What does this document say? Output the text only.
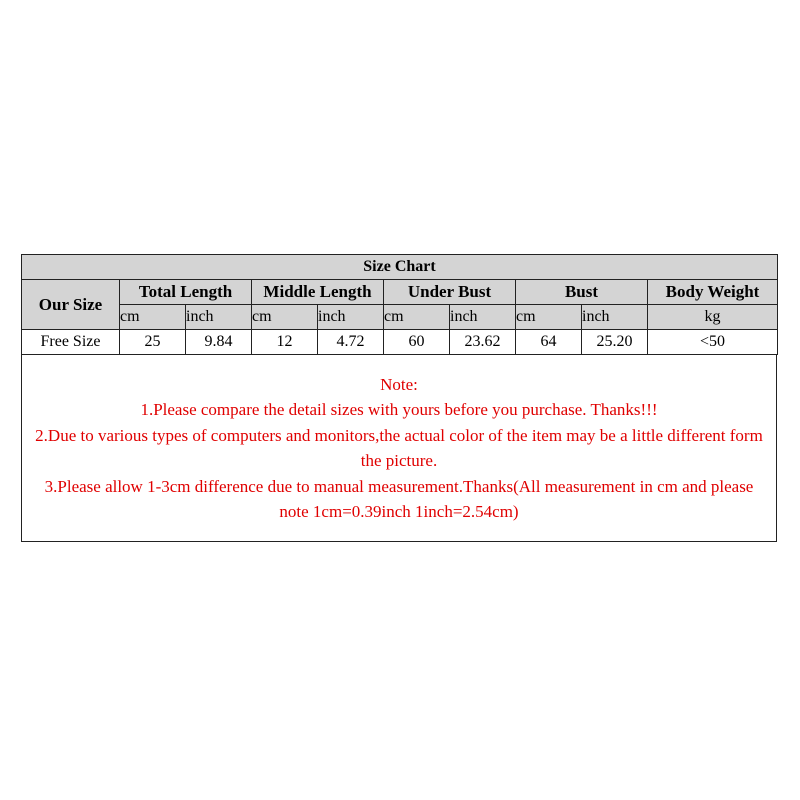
Size Chart									
Our Size	Total Length		Middle Length		Under Bust		Bust		Body Weight
	cm	inch	cm	inch	cm	inch	cm	inch	kg
Free Size	25	9.84	12	4.72	60	23.62	64	25.20	<50

Note:

1.Please compare the detail sizes with yours before you purchase. Thanks!!!

2.Due to various types of computers and monitors,the actual color of the item may be a little different form the picture.

3.Please allow 1-3cm difference due to manual measurement.Thanks(All measurement in cm and please note 1cm=0.39inch 1inch=2.54cm)
